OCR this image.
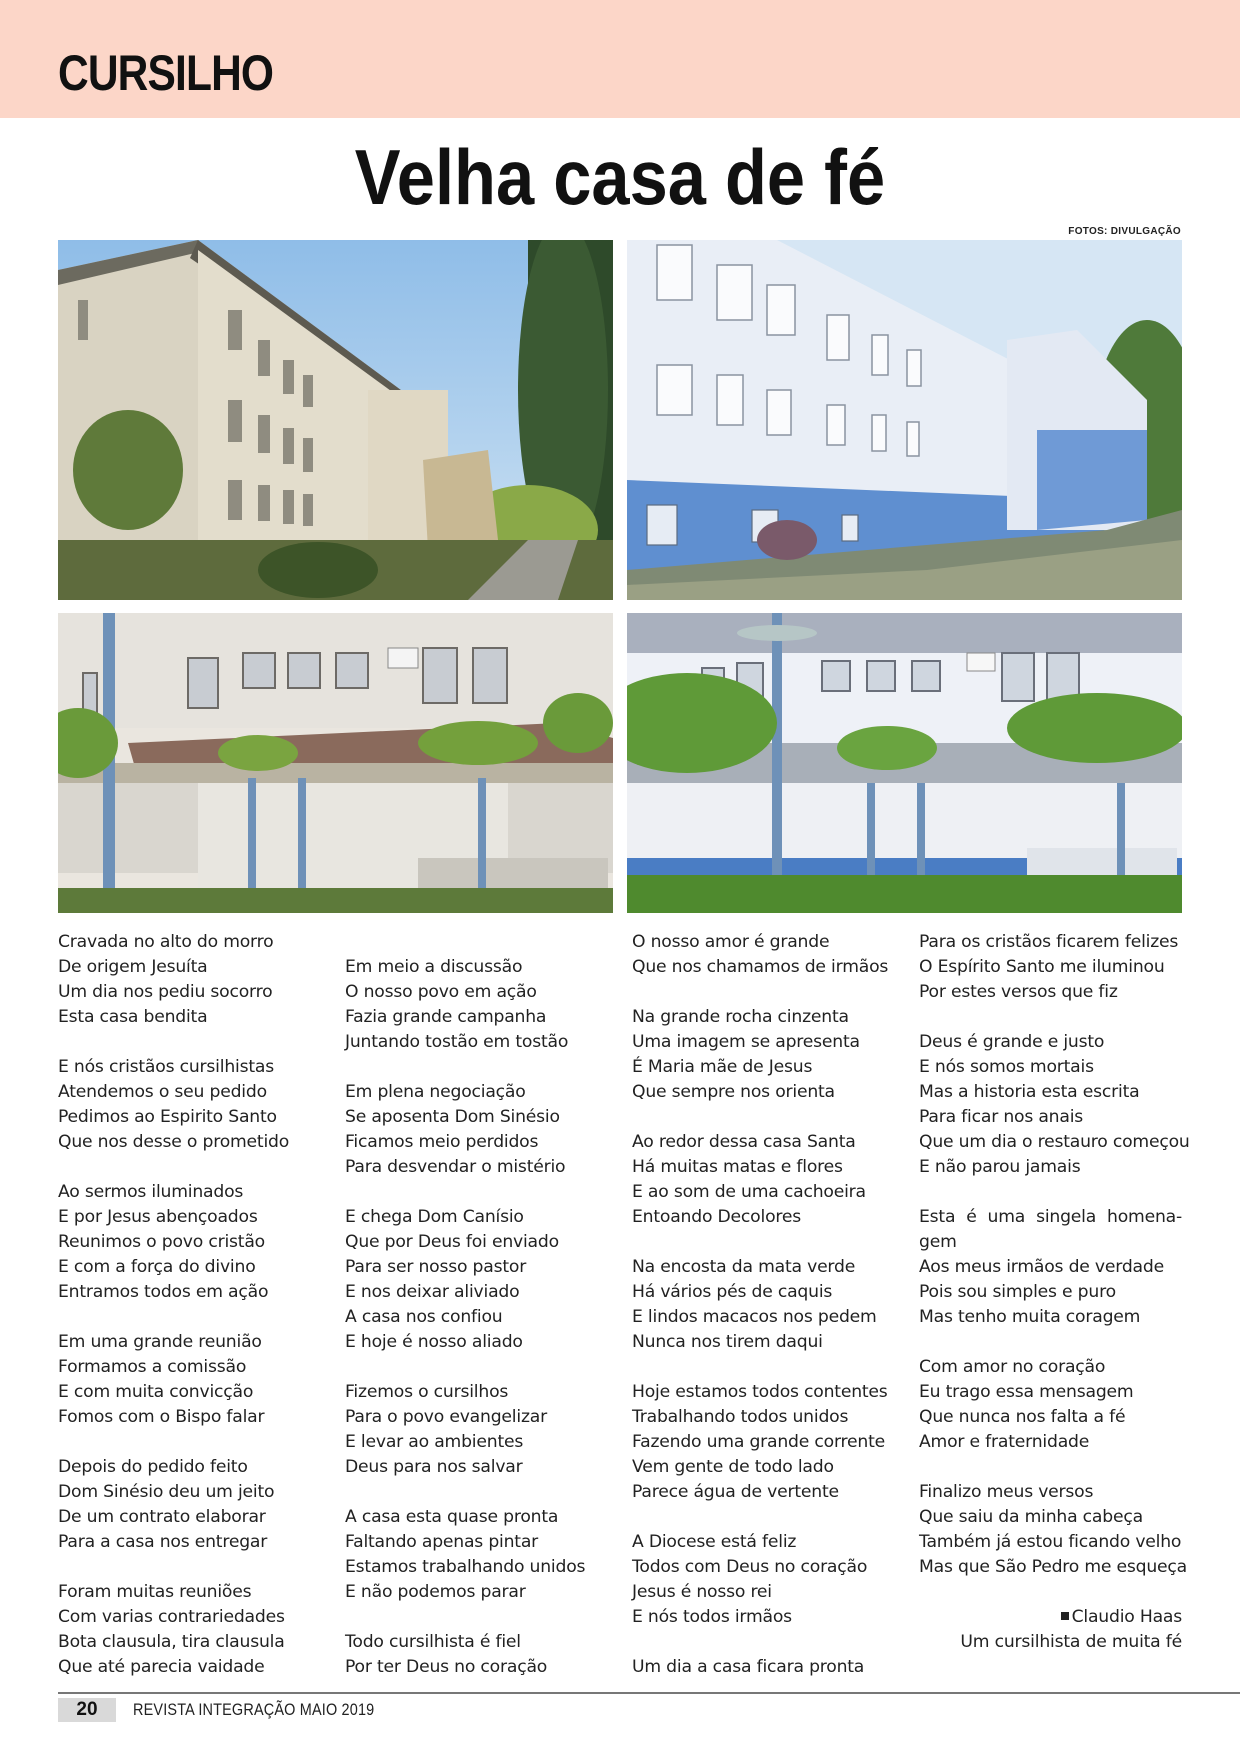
CURSILHO
Velha casa de fé
FOTOS: DIVULGAÇÃO
Cravada no alto do morro
De origem Jesuíta
Um dia nos pediu socorro
Esta casa bendita
E nós cristãos cursilhistas
Atendemos o seu pedido
Pedimos ao Espirito Santo
Que nos desse o prometido
Ao sermos iluminados
E por Jesus abençoados
Reunimos o povo cristão
E com a força do divino
Entramos todos em ação
Em uma grande reunião
Formamos a comissão
E com muita convicção
Fomos com o Bispo falar
Depois do pedido feito
Dom Sinésio deu um jeito
De um contrato elaborar
Para a casa nos entregar
Foram muitas reuniões
Com varias contrariedades
Bota clausula, tira clausula
Que até parecia vaidade
Em meio a discussão
O nosso povo em ação
Fazia grande campanha
Juntando tostão em tostão
Em plena negociação
Se aposenta Dom Sinésio
Ficamos meio perdidos
Para desvendar o mistério
E chega Dom Canísio
Que por Deus foi enviado
Para ser nosso pastor
E nos deixar aliviado
A casa nos confiou
E hoje é nosso aliado
Fizemos o cursilhos
Para o povo evangelizar
E levar ao ambientes
Deus para nos salvar
A casa esta quase pronta
Faltando apenas pintar
Estamos trabalhando unidos
E não podemos parar
Todo cursilhista é fiel
Por ter Deus no coração
O nosso amor é grande
Que nos chamamos de irmãos
Na grande rocha cinzenta
Uma imagem se apresenta
É Maria mãe de Jesus
Que sempre nos orienta
Ao redor dessa casa Santa
Há muitas matas e flores
E ao som de uma cachoeira
Entoando Decolores
Na encosta da mata verde
Há vários pés de caquis
E lindos macacos nos pedem
Nunca nos tirem daqui
Hoje estamos todos contentes
Trabalhando todos unidos
Fazendo uma grande corrente
Vem gente de todo lado
Parece água de vertente
A Diocese está feliz
Todos com Deus no coração
Jesus é nosso rei
E nós todos irmãos
Um dia a casa ficara pronta
Para os cristãos ficarem felizes
O Espírito Santo me iluminou
Por estes versos que fiz
Deus é grande e justo
E nós somos mortais
Mas a historia esta escrita
Para ficar nos anais
Que um dia o restauro começou
E não parou jamais
Esta é uma singela homena-
gem
Aos meus irmãos de verdade
Pois sou simples e puro
Mas tenho muita coragem
Com amor no coração
Eu trago essa mensagem
Que nunca nos falta a fé
Amor e fraternidade
Finalizo meus versos
Que saiu da minha cabeça
Também já estou ficando velho
Mas que São Pedro me esqueça
Claudio Haas
Um cursilhista de muita fé
20	REVISTA INTEGRAÇÃO MAIO 2019
